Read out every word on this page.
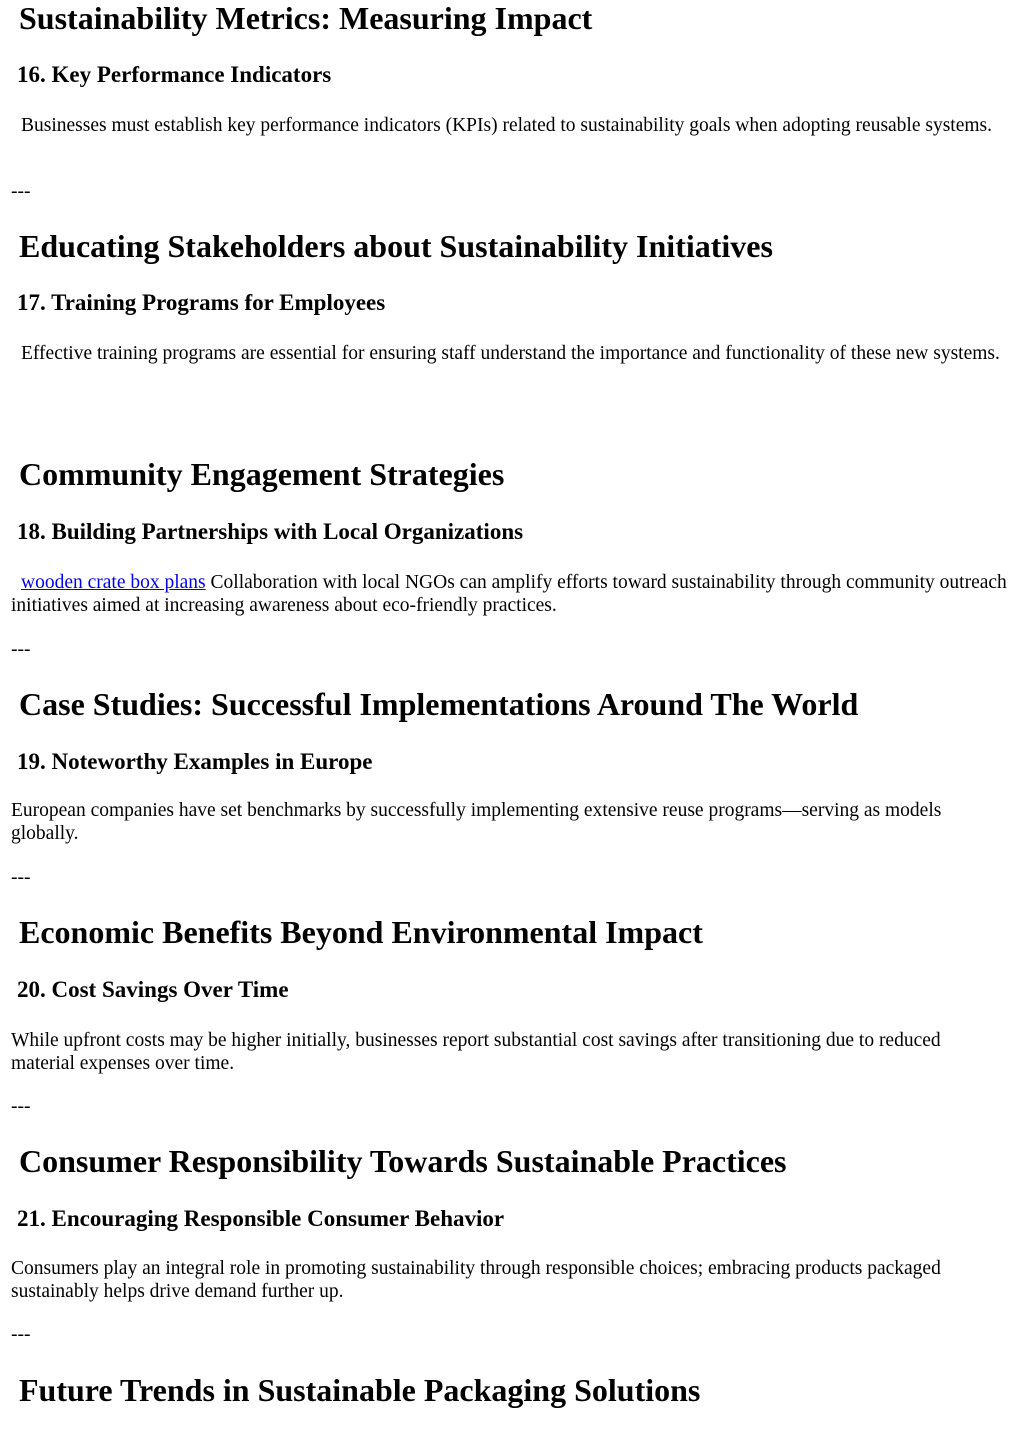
Sustainability Metrics: Measuring Impact
16. Key Performance Indicators

Businesses must establish key performance indicators (KPIs) related to sustainability goals when adopting reusable systems.

---

Educating Stakeholders about Sustainability Initiatives
17. Training Programs for Employees

Effective training programs are essential for ensuring staff understand the importance and functionality of these new systems.

Community Engagement Strategies
18. Building Partnerships with Local Organizations

wooden crate box plans Collaboration with local NGOs can amplify efforts toward sustainability through community outreach initiatives aimed at increasing awareness about eco-friendly practices.

---

Case Studies: Successful Implementations Around The World
19. Noteworthy Examples in Europe

European companies have set benchmarks by successfully implementing extensive reuse programs—serving as models globally.

---

Economic Benefits Beyond Environmental Impact
20. Cost Savings Over Time

While upfront costs may be higher initially, businesses report substantial cost savings after transitioning due to reduced material expenses over time.

---

Consumer Responsibility Towards Sustainable Practices
21. Encouraging Responsible Consumer Behavior

Consumers play an integral role in promoting sustainability through responsible choices; embracing products packaged sustainably helps drive demand further up.

---

Future Trends in Sustainable Packaging Solutions
